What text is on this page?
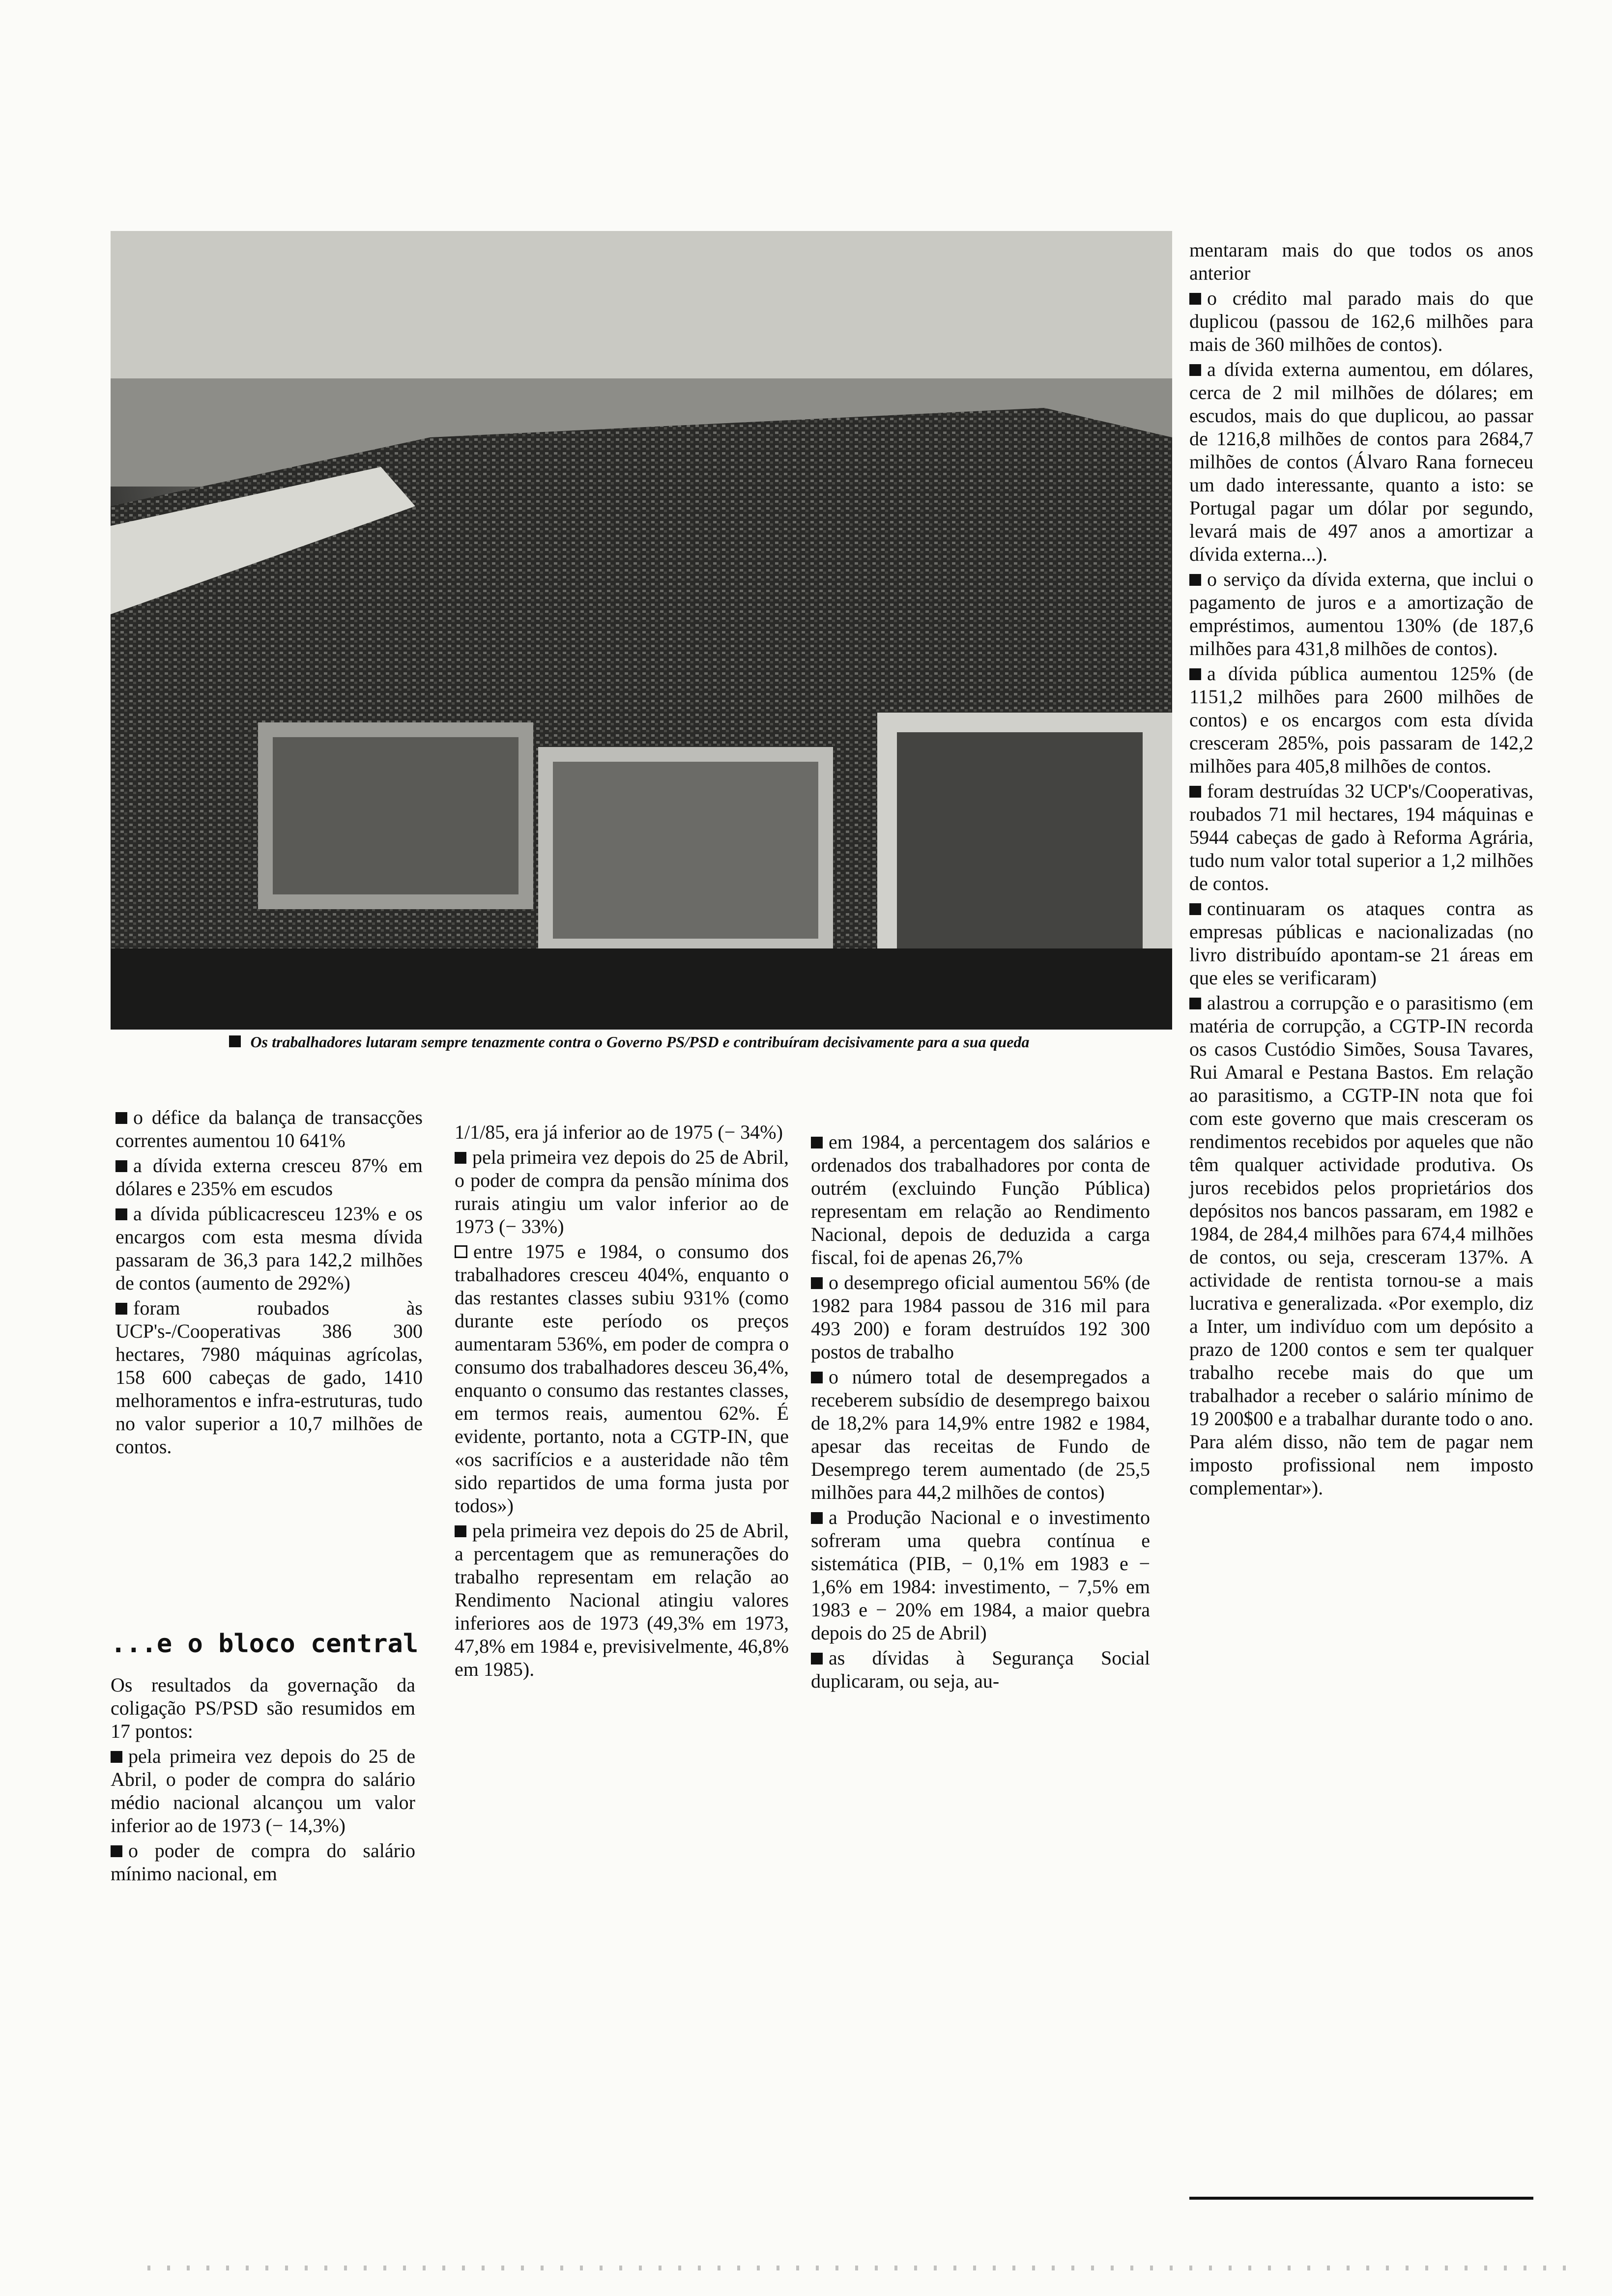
Os trabalhadores lutaram sempre tenazmente contra o Governo PS/PSD e contribuíram decisivamente para a sua queda

o défice da balança de transacções correntes aumentou 10 641%

a dívida externa cresceu 87% em dólares e 235% em escudos

a dívida públicacresceu 123% e os encargos com esta mesma dívida passaram de 36,3 para 142,2 milhões de contos (aumento de 292%)

foram roubados às UCP's-/Cooperativas 386 300 hectares, 7980 máquinas agrícolas, 158 600 cabeças de gado, 1410 melhoramentos e infra-estruturas, tudo no valor superior a 10,7 milhões de contos.

...e o bloco central

Os resultados da governação da coligação PS/PSD são resumidos em 17 pontos:

pela primeira vez depois do 25 de Abril, o poder de compra do salário médio nacional alcançou um valor inferior ao de 1973 (− 14,3%)

o poder de compra do salário mínimo nacional, em

1/1/85, era já inferior ao de 1975 (− 34%)

pela primeira vez depois do 25 de Abril, o poder de compra da pensão mínima dos rurais atingiu um valor inferior ao de 1973 (− 33%)

entre 1975 e 1984, o consumo dos trabalhadores cresceu 404%, enquanto o das restantes classes subiu 931% (como durante este período os preços aumentaram 536%, em poder de compra o consumo dos trabalhadores desceu 36,4%, enquanto o consumo das restantes classes, em termos reais, aumentou 62%. É evidente, portanto, nota a CGTP-IN, que «os sacrifícios e a austeridade não têm sido repartidos de uma forma justa por todos»)

pela primeira vez depois do 25 de Abril, a percentagem que as remunerações do trabalho representam em relação ao Rendimento Nacional atingiu valores inferiores aos de 1973 (49,3% em 1973, 47,8% em 1984 e, previsivelmente, 46,8% em 1985).

em 1984, a percentagem dos salários e ordenados dos trabalhadores por conta de outrém (excluindo Função Pública) representam em relação ao Rendimento Nacional, depois de deduzida a carga fiscal, foi de apenas 26,7%

o desemprego oficial aumentou 56% (de 1982 para 1984 passou de 316 mil para 493 200) e foram destruídos 192 300 postos de trabalho

o número total de desempregados a receberem subsídio de desemprego baixou de 18,2% para 14,9% entre 1982 e 1984, apesar das receitas de Fundo de Desemprego terem aumentado (de 25,5 milhões para 44,2 milhões de contos)

a Produção Nacional e o investimento sofreram uma quebra contínua e sistemática (PIB, − 0,1% em 1983 e − 1,6% em 1984: investimento, − 7,5% em 1983 e − 20% em 1984, a maior quebra depois do 25 de Abril)

as dívidas à Segurança Social duplicaram, ou seja, au-

mentaram mais do que todos os anos anterior

o crédito mal parado mais do que duplicou (passou de 162,6 milhões para mais de 360 milhões de contos).

a dívida externa aumentou, em dólares, cerca de 2 mil milhões de dólares; em escudos, mais do que duplicou, ao passar de 1216,8 milhões de contos para 2684,7 milhões de contos (Álvaro Rana forneceu um dado interessante, quanto a isto: se Portugal pagar um dólar por segundo, levará mais de 497 anos a amortizar a dívida externa...).

o serviço da dívida externa, que inclui o pagamento de juros e a amortização de empréstimos, aumentou 130% (de 187,6 milhões para 431,8 milhões de contos).

a dívida pública aumentou 125% (de 1151,2 milhões para 2600 milhões de contos) e os encargos com esta dívida cresceram 285%, pois passaram de 142,2 milhões para 405,8 milhões de contos.

foram destruídas 32 UCP's/Cooperativas, roubados 71 mil hectares, 194 máquinas e 5944 cabeças de gado à Reforma Agrária, tudo num valor total superior a 1,2 milhões de contos.

continuaram os ataques contra as empresas públicas e nacionalizadas (no livro distribuído apontam-se 21 áreas em que eles se verificaram)

alastrou a corrupção e o parasitismo (em matéria de corrupção, a CGTP-IN recorda os casos Custódio Simões, Sousa Tavares, Rui Amaral e Pestana Bastos. Em relação ao parasitismo, a CGTP-IN nota que foi com este governo que mais cresceram os rendimentos recebidos por aqueles que não têm qualquer actividade produtiva. Os juros recebidos pelos proprietários dos depósitos nos bancos passaram, em 1982 e 1984, de 284,4 milhões para 674,4 milhões de contos, ou seja, cresceram 137%. A actividade de rentista tornou-se a mais lucrativa e generalizada. «Por exemplo, diz a Inter, um indivíduo com um depósito a prazo de 1200 contos e sem ter qualquer trabalho recebe mais do que um trabalhador a receber o salário mínimo de 19 200$00 e a trabalhar durante todo o ano. Para além disso, não tem de pagar nem imposto profissional nem imposto complementar»).
